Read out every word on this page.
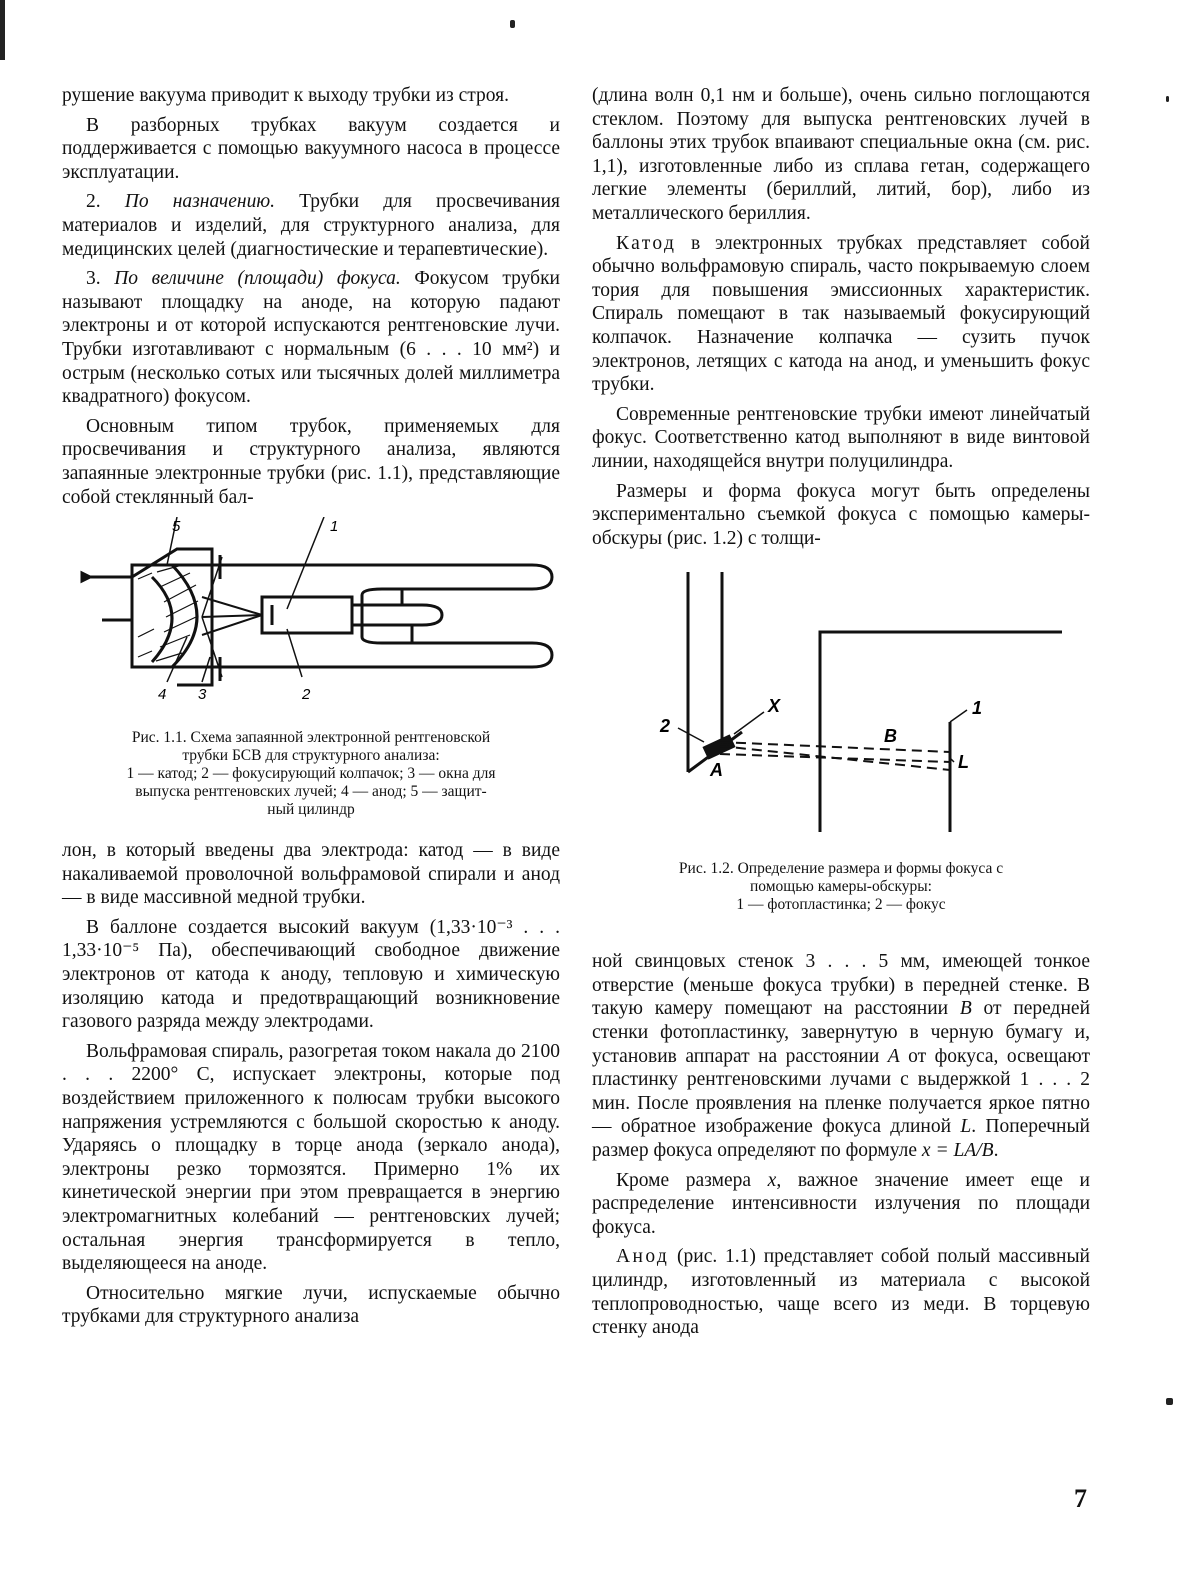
рушение вакуума приводит к выходу трубки из строя.

В разборных трубках вакуум создается и поддерживается с помощью вакуумного насоса в процессе эксплуатации.

2. По назначению. Трубки для просвечивания материалов и изделий, для структурного анализа, для медицинских целей (диагностические и терапевтические).

3. По величине (площади) фокуса. Фокусом трубки называют площадку на аноде, на которую падают электроны и от которой испускаются рентгеновские лучи. Трубки изготавливают с нормальным (6 . . . 10 мм²) и острым (несколько сотых или тысячных долей миллиметра квадратного) фокусом.

Основным типом трубок, применяемых для просвечивания и структурного анализа, являются запаянные электронные трубки (рис. 1.1), представляющие собой стеклянный бал-

5	1
4 3	2

Рис. 1.1. Схема запаянной электронной рентгеновской

трубки БСВ для структурного анализа:

1 — катод; 2 — фокусирующий колпачок; 3 — окна для

выпуска рентгеновских лучей; 4 — анод; 5 — защит-

ный цилиндр

лон, в который введены два электрода: катод — в виде накаливаемой проволочной вольфрамовой спирали и анод — в виде массивной медной трубки.

В баллоне создается высокий вакуум (1,33·10⁻³ . . . 1,33·10⁻⁵ Па), обеспечивающий свободное движение электронов от катода к аноду, тепловую и химическую изоляцию катода и предотвращающий возникновение газового разряда между электродами.

Вольфрамовая спираль, разогретая током накала до 2100 . . . 2200° С, испускает электроны, которые под воздействием приложенного к полюсам трубки высокого напряжения устремляются с большой скоростью к аноду. Ударяясь о площадку в торце анода (зеркало анода), электроны резко тормозятся. Примерно 1% их кинетической энергии при этом превращается в энергию электромагнитных колебаний — рентгеновских лучей; остальная энергия трансформируется в тепло, выделяющееся на аноде.

Относительно мягкие лучи, испускаемые обычно трубками для структурного анализа

(длина волн 0,1 нм и больше), очень сильно поглощаются стеклом. Поэтому для выпуска рентгеновских лучей в баллоны этих трубок впаивают специальные окна (см. рис. 1,1), изготовленные либо из сплава гетан, содержащего легкие элементы (бериллий, литий, бор), либо из металлического бериллия.

Катод в электронных трубках представляет собой обычно вольфрамовую спираль, часто покрываемую слоем тория для повышения эмиссионных характеристик. Спираль помещают в так называемый фокусирующий колпачок. Назначение колпачка — сузить пучок электронов, летящих с катода на анод, и уменьшить фокус трубки.

Современные рентгеновские трубки имеют линейчатый фокус. Соответственно катод выполняют в виде винтовой линии, находящейся внутри полуцилиндра.

Размеры и форма фокуса могут быть определены экспериментально съемкой фокуса с помощью камеры-обскуры (рис. 1.2) с толщи-

2
X
A
B
1
L

Рис. 1.2. Определение размера и формы фокуса с

помощью камеры-обскуры:

1 — фотопластинка; 2 — фокус

ной свинцовых стенок 3 . . . 5 мм, имеющей тонкое отверстие (меньше фокуса трубки) в передней стенке. В такую камеру помещают на расстоянии В от передней стенки фотопластинку, завернутую в черную бумагу и, установив аппарат на расстоянии А от фокуса, освещают пластинку рентгеновскими лучами с выдержкой 1 . . . 2 мин. После проявления на пленке получается яркое пятно — обратное изображение фокуса длиной L. Поперечный размер фокуса определяют по формуле x = LA/B.

Кроме размера x, важное значение имеет еще и распределение интенсивности излучения по площади фокуса.

Анод (рис. 1.1) представляет собой полый массивный цилиндр, изготовленный из материала с высокой теплопроводностью, чаще всего из меди. В торцевую стенку анода

7
